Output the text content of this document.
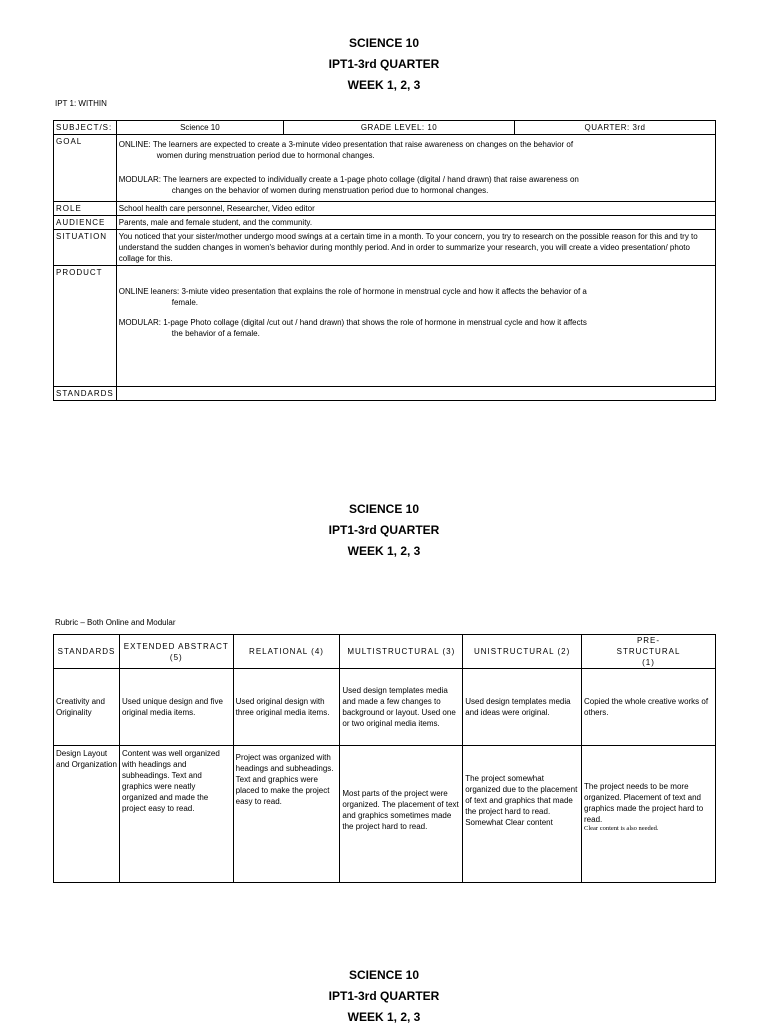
SCIENCE 10
IPT1-3rd QUARTER
WEEK 1, 2, 3
IPT 1: WITHIN
SUBJECT/S:	Science 10	GRADE LEVEL: 10	QUARTER: 3rd
GOAL	ONLINE: The learners are expected to create a 3-minute video presentation that raise awareness on changes on the behavior of

women during menstruation period due to hormonal changes.

MODULAR: The learners are expected to individually create a 1-page photo collage (digital / hand drawn) that raise awareness on

changes on the behavior of women during menstruation period due to hormonal changes.		

ROLE	School health care personnel, Researcher, Video editor		
AUDIENCE	Parents, male and female student, and the community.		
SITUATION	You noticed that your sister/mother undergo mood swings at a certain time in a month. To your concern, you try to research on the possible reason for this and try to understand the sudden changes in women's behavior during monthly period. And in order to summarize your research, you will create a video presentation/ photo collage for this.		
PRODUCT	ONLINE leaners: 3-miute video presentation that explains the role of hormone in menstrual cycle and how it affects the behavior of a

female.

MODULAR: 1-page Photo collage (digital /cut out / hand drawn) that shows the role of hormone in menstrual cycle and how it affects

the behavior of a female.		

STANDARDS			
SCIENCE 10
IPT1-3rd QUARTER
WEEK 1, 2, 3
Rubric – Both Online and Modular
STANDARDS	EXTENDED ABSTRACT (5)	RELATIONAL (4)	MULTISTRUCTURAL (3)	UNISTRUCTURAL (2)	PRE-STRUCTURAL (1)
Creativity and Originality	Used unique design and five original media items.	Used original design with three original media items.	Used design templates media and made a few changes to background or layout. Used one or two original media items.	Used design templates media and ideas were original.	Copied the whole creative works of others.
Design Layout and Organization	Content was well organized with headings and subheadings. Text and graphics were neatly organized and made the project easy to read.	Project was organized with headings and subheadings. Text and graphics were placed to make the project easy to read.	Most parts of the project were organized. The placement of text and graphics sometimes made the project hard to read.	The project somewhat organized due to the placement of text and graphics that made the project hard to read. Somewhat Clear content	The project needs to be more organized. Placement of text and graphics made the project hard to read.
Clear content is also needed.
SCIENCE 10
IPT1-3rd QUARTER
WEEK 1, 2, 3
